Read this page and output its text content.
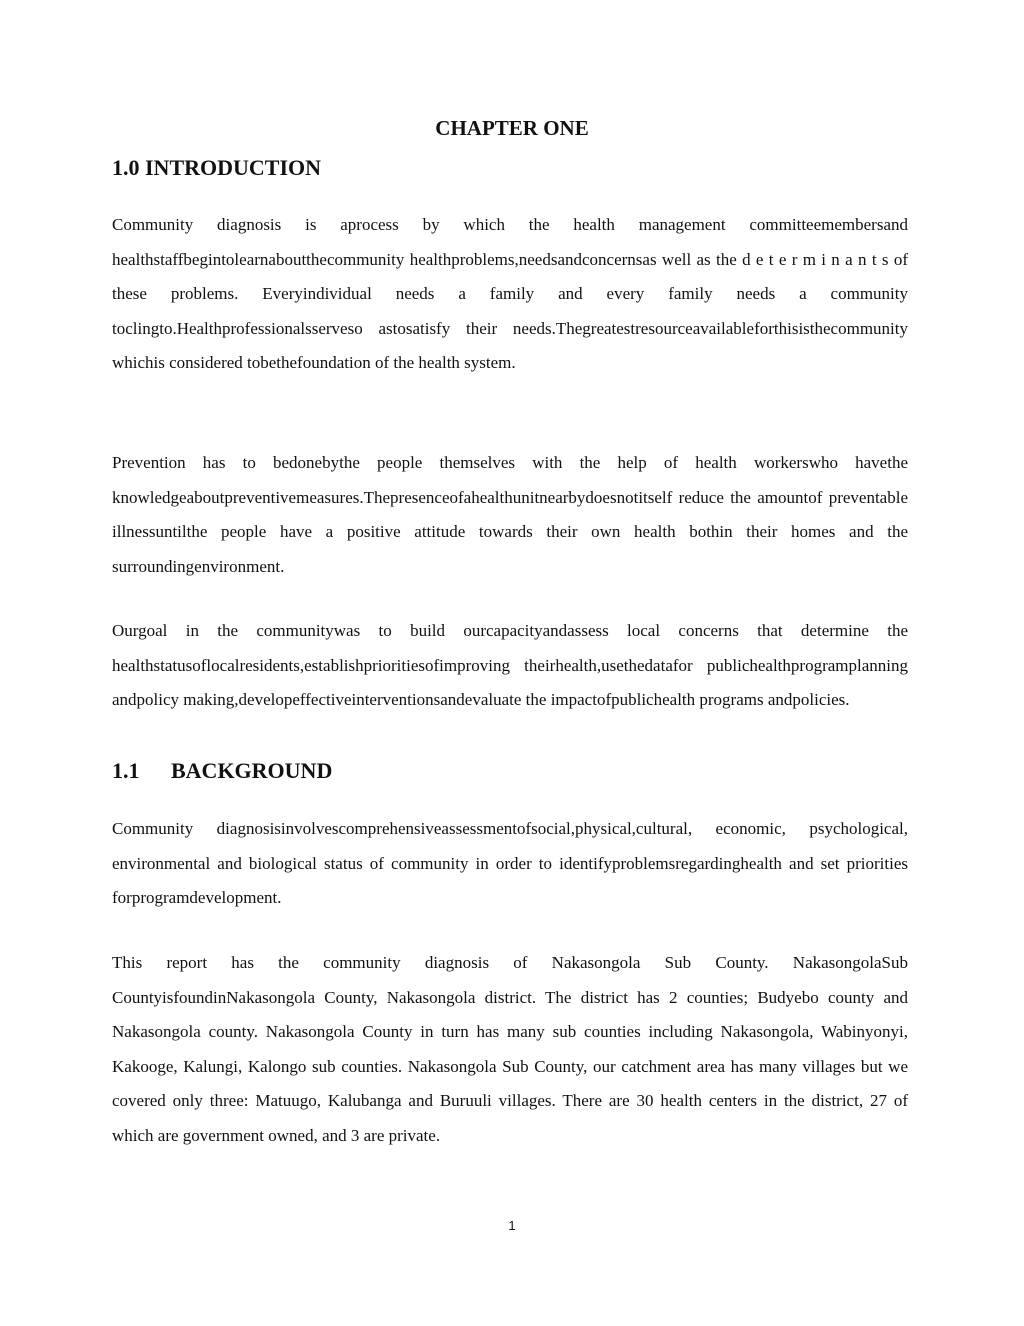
CHAPTER ONE
1.0 INTRODUCTION

Community diagnosis is aprocess by which the health management committeemembersand healthstaffbegintolearnaboutthecommunity healthproblems,needsandconcernsas well as the d e t e r m i n a n t s of these problems. Everyindividual needs a family and every family needs a community toclingto.Healthprofessionalsserveso astosatisfy their needs.Thegreatestresourceavailableforthisisthecommunity whichis considered tobethefoundation of the health system.

Prevention has to bedonebythe people themselves with the help of health workerswho havethe knowledgeaboutpreventivemeasures.Thepresenceofahealthunitnearbydoesnotitself reduce the amountof preventable illnessuntilthe people have a positive attitude towards their own health bothin their homes and the surroundingenvironment.

Ourgoal in the communitywas to build ourcapacityandassess local concerns that determine the healthstatusoflocalresidents,establishprioritiesofimproving theirhealth,usethedatafor publichealthprogramplanning andpolicy making,developeffectiveinterventionsandevaluate the impactofpublichealth programs andpolicies.

1.1 BACKGROUND

Community diagnosisinvolvescomprehensiveassessmentofsocial,physical,cultural, economic, psychological, environmental and biological status of community in order to identifyproblemsregardinghealth and set priorities forprogramdevelopment.

This report has the community diagnosis of Nakasongola Sub County. NakasongolaSub CountyisfoundinNakasongola County, Nakasongola district. The district has 2 counties; Budyebo county and Nakasongola county. Nakasongola County in turn has many sub counties including Nakasongola, Wabinyonyi, Kakooge, Kalungi, Kalongo sub counties. Nakasongola Sub County, our catchment area has many villages but we covered only three: Matuugo, Kalubanga and Buruuli villages. There are 30 health centers in the district, 27 of which are government owned, and 3 are private.

1
